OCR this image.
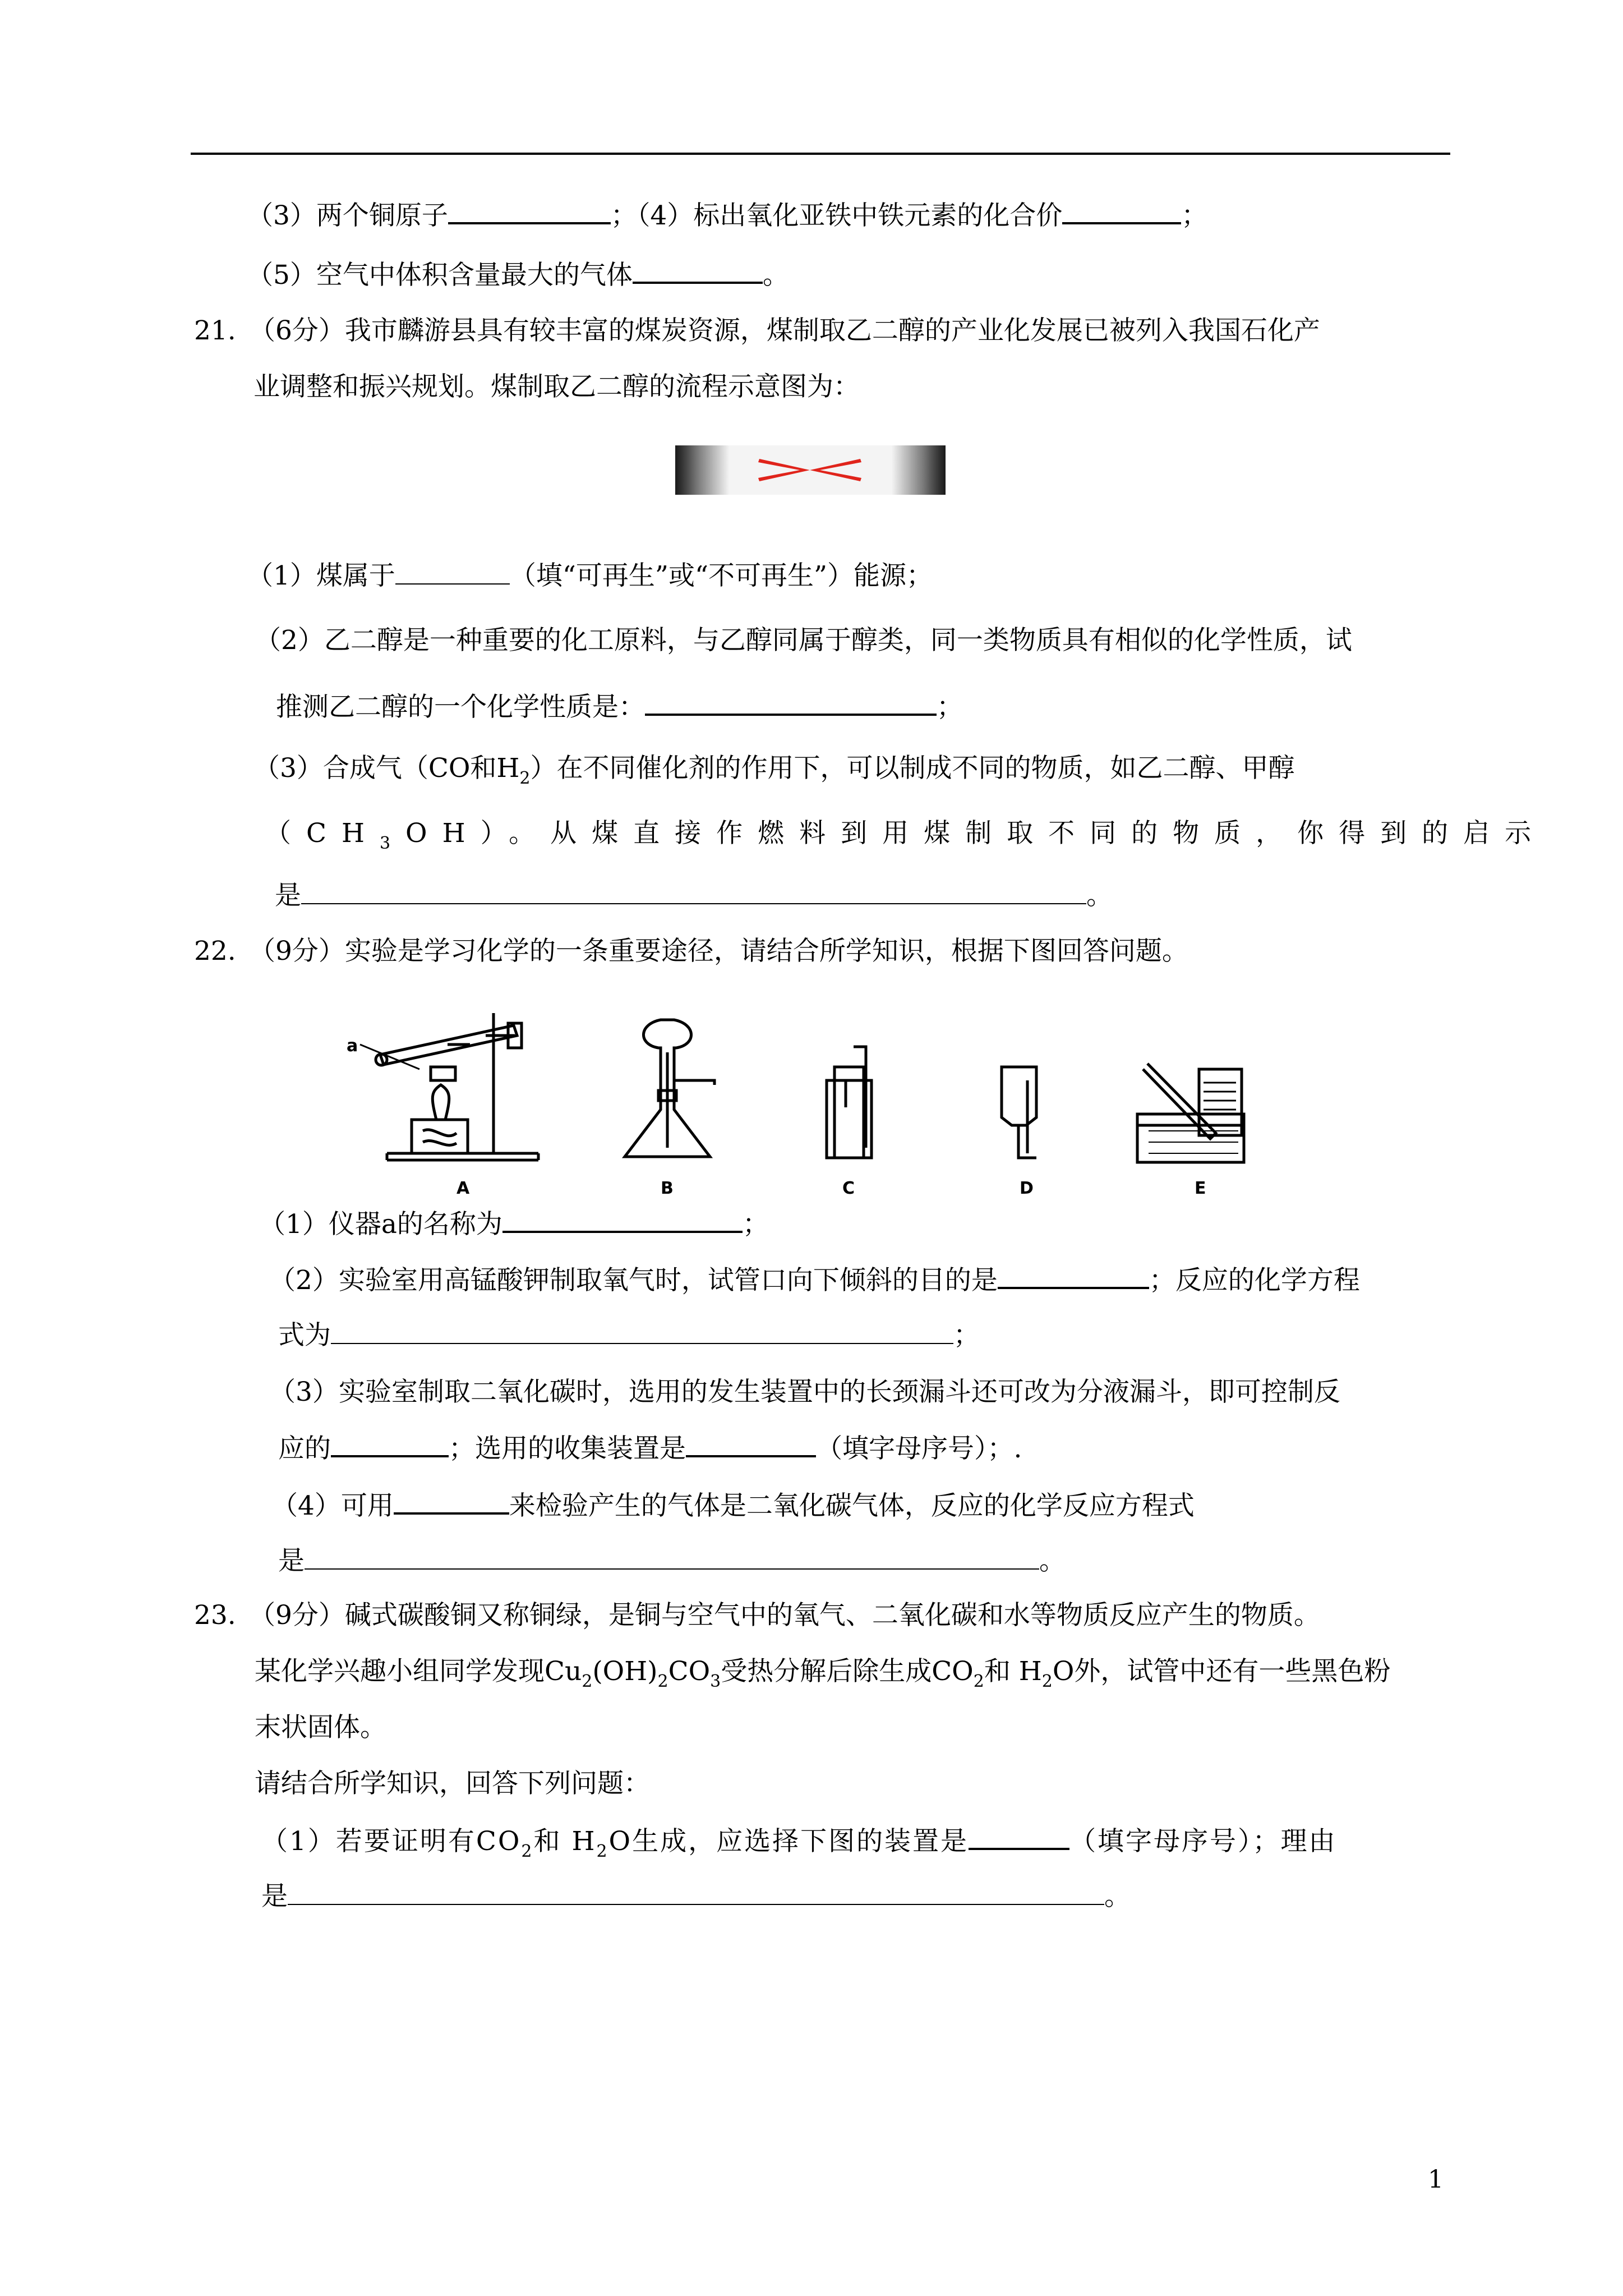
（3）两个铜原子	；（4）标出氧化亚铁中铁元素的化合价	；
（5）空气中体积含量最大的气体	。
21. （6分）我市麟游县具有较丰富的煤炭资源，煤制取乙二醇的产业化发展已被列入我国石化产
业调整和振兴规划。煤制取乙二醇的流程示意图为：
（1）煤属于	（填“可再生”或“不可再生”）能源；
（2）乙二醇是一种重要的化工原料，与乙醇同属于醇类，同一类物质具有相似的化学性质，试
推测乙二醇的一个化学性质是：	；
（3）合成气（CO和$H_2$）在不同催化剂的作用下，可以制成不同的物质，如乙二醇、甲醇
$(CH_3OH)$。从煤直接作燃料到用煤制取不同的物质，你得到的启示
是	。
22. （9分）实验是学习化学的一条重要途径，请结合所学知识，根据下图回答问题。
a
A	B	C	D	E
（1）仪器a的名称为	；
（2）实验室用高锰酸钾制取氧气时，试管口向下倾斜的目的是	；反应的化学方程
式为	；
（3）实验室制取二氧化碳时，选用的发生装置中的长颈漏斗还可改为分液漏斗，即可控制反
应的	；选用的收集装置是	（填字母序号）；.
（4）可用	来检验产生的气体是二氧化碳气体，反应的化学反应方程式
是	。
23. （9分）碱式碳酸铜又称铜绿，是铜与空气中的氧气、二氧化碳和水等物质反应产生的物质。
某化学兴趣小组同学发现$Cu_2(OH)_2CO_3$受热分解后除生成$CO_2$和 $H_2O$外，试管中还有一些黑色粉
末状固体。
请结合所学知识，回答下列问题：
（1）若要证明有$CO_2$和 $H_2O$生成，应选择下图的装置是	（填字母序号）；理由
是	。
1
